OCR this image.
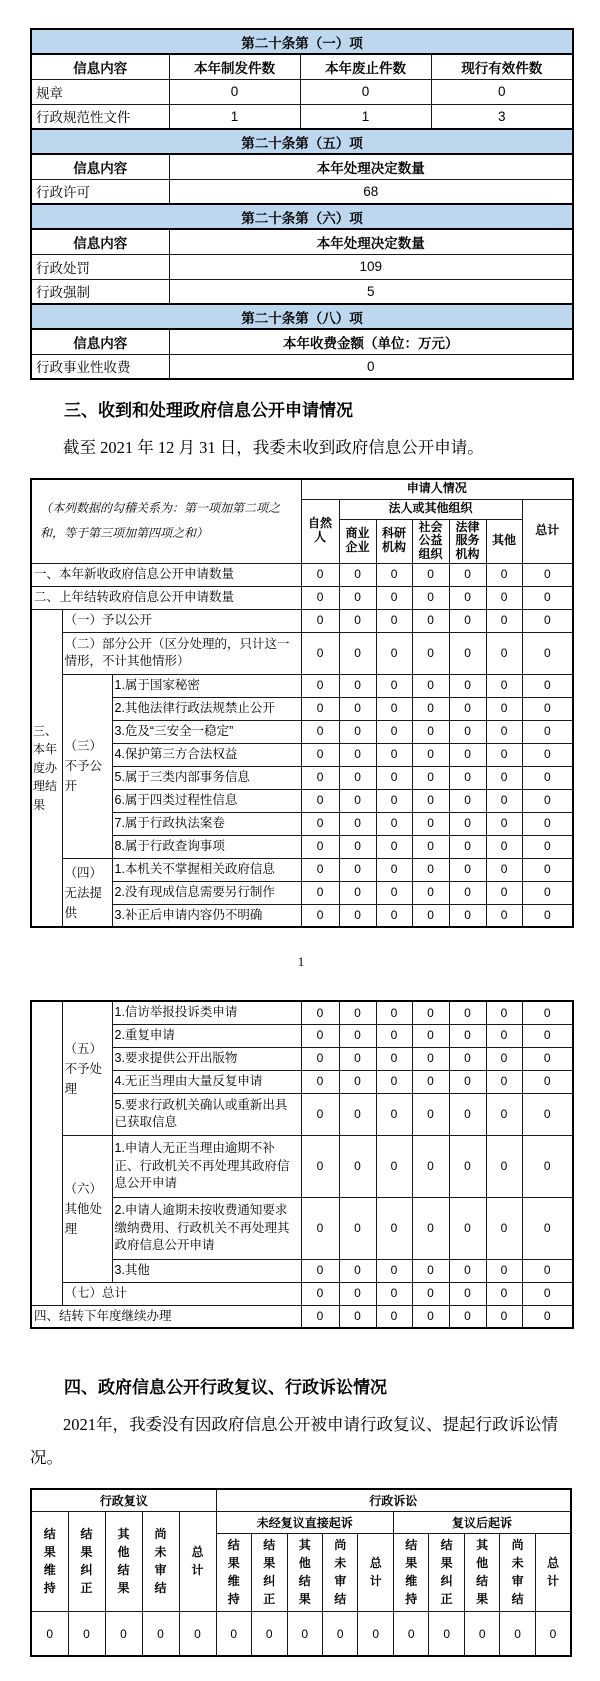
第二十条第（一）项			
信息内容	本年制发件数	本年废止件数	现行有效件数
规章	0	0	0
行政规范性文件	1	1	3
第二十条第（五）项			
信息内容	本年处理决定数量		
行政许可	68		
第二十条第（六）项			
信息内容	本年处理决定数量		
行政处罚	109		
行政强制	5		
第二十条第（八）项			
信息内容	本年收费金额（单位：万元）		
行政事业性收费	0		
三、收到和处理政府信息公开申请情况

截至 2021 年 12 月 31 日，我委未收到政府信息公开申请。

（本列数据的勾稽关系为：第一项加第二项之和，等于第三项加第四项之和）			申请人情况						
			自然人	法人或其他组织					总计
				商业企业	科研机构	社会公益组织	法律服务机构	其他	
一、本年新收政府信息公开申请数量			0	0	0	0	0	0	0
二、上年结转政府信息公开申请数量			0	0	0	0	0	0	0
三、本年度办理结果	（一）予以公开		0	0	0	0	0	0	0
	（二）部分公开（区分处理的，只计这一情形，不计其他情形）		0	0	0	0	0	0	0
	（三）不予公开	1.属于国家秘密	0	0	0	0	0	0	0
		2.其他法律行政法规禁止公开	0	0	0	0	0	0	0
		3.危及“三安全一稳定”	0	0	0	0	0	0	0
		4.保护第三方合法权益	0	0	0	0	0	0	0
		5.属于三类内部事务信息	0	0	0	0	0	0	0
		6.属于四类过程性信息	0	0	0	0	0	0	0
		7.属于行政执法案卷	0	0	0	0	0	0	0
		8.属于行政查询事项	0	0	0	0	0	0	0
	（四）无法提供	1.本机关不掌握相关政府信息	0	0	0	0	0	0	0
		2.没有现成信息需要另行制作	0	0	0	0	0	0	0
		3.补正后申请内容仍不明确	0	0	0	0	0	0	0
1
	（五）不予处理	1.信访举报投诉类申请	0	0	0	0	0	0	0
		2.重复申请	0	0	0	0	0	0	0
		3.要求提供公开出版物	0	0	0	0	0	0	0
		4.无正当理由大量反复申请	0	0	0	0	0	0	0
		5.要求行政机关确认或重新出具已获取信息	0	0	0	0	0	0	0
	（六）其他处理	1.申请人无正当理由逾期不补正、行政机关不再处理其政府信息公开申请	0	0	0	0	0	0	0
		2.申请人逾期未按收费通知要求缴纳费用、行政机关不再处理其政府信息公开申请	0	0	0	0	0	0	0
		3.其他	0	0	0	0	0	0	0
	（七）总计		0	0	0	0	0	0	0
四、结转下年度继续办理			0	0	0	0	0	0	0
四、政府信息公开行政复议、行政诉讼情况

2021年，我委没有因政府信息公开被申请行政复议、提起行政诉讼情况。

行政复议					行政诉讼									

结果维持	结果纠正	其他结果	尚未审结	总计	未经复议直接起诉					复议后起诉				

					结果维持	结果纠正	其他结果	尚未审结	总计	结果维持	结果纠正	其他结果	尚未审结	总计

0	0	0	0	0	0	0	0	0	0	0	0	0	0	0
